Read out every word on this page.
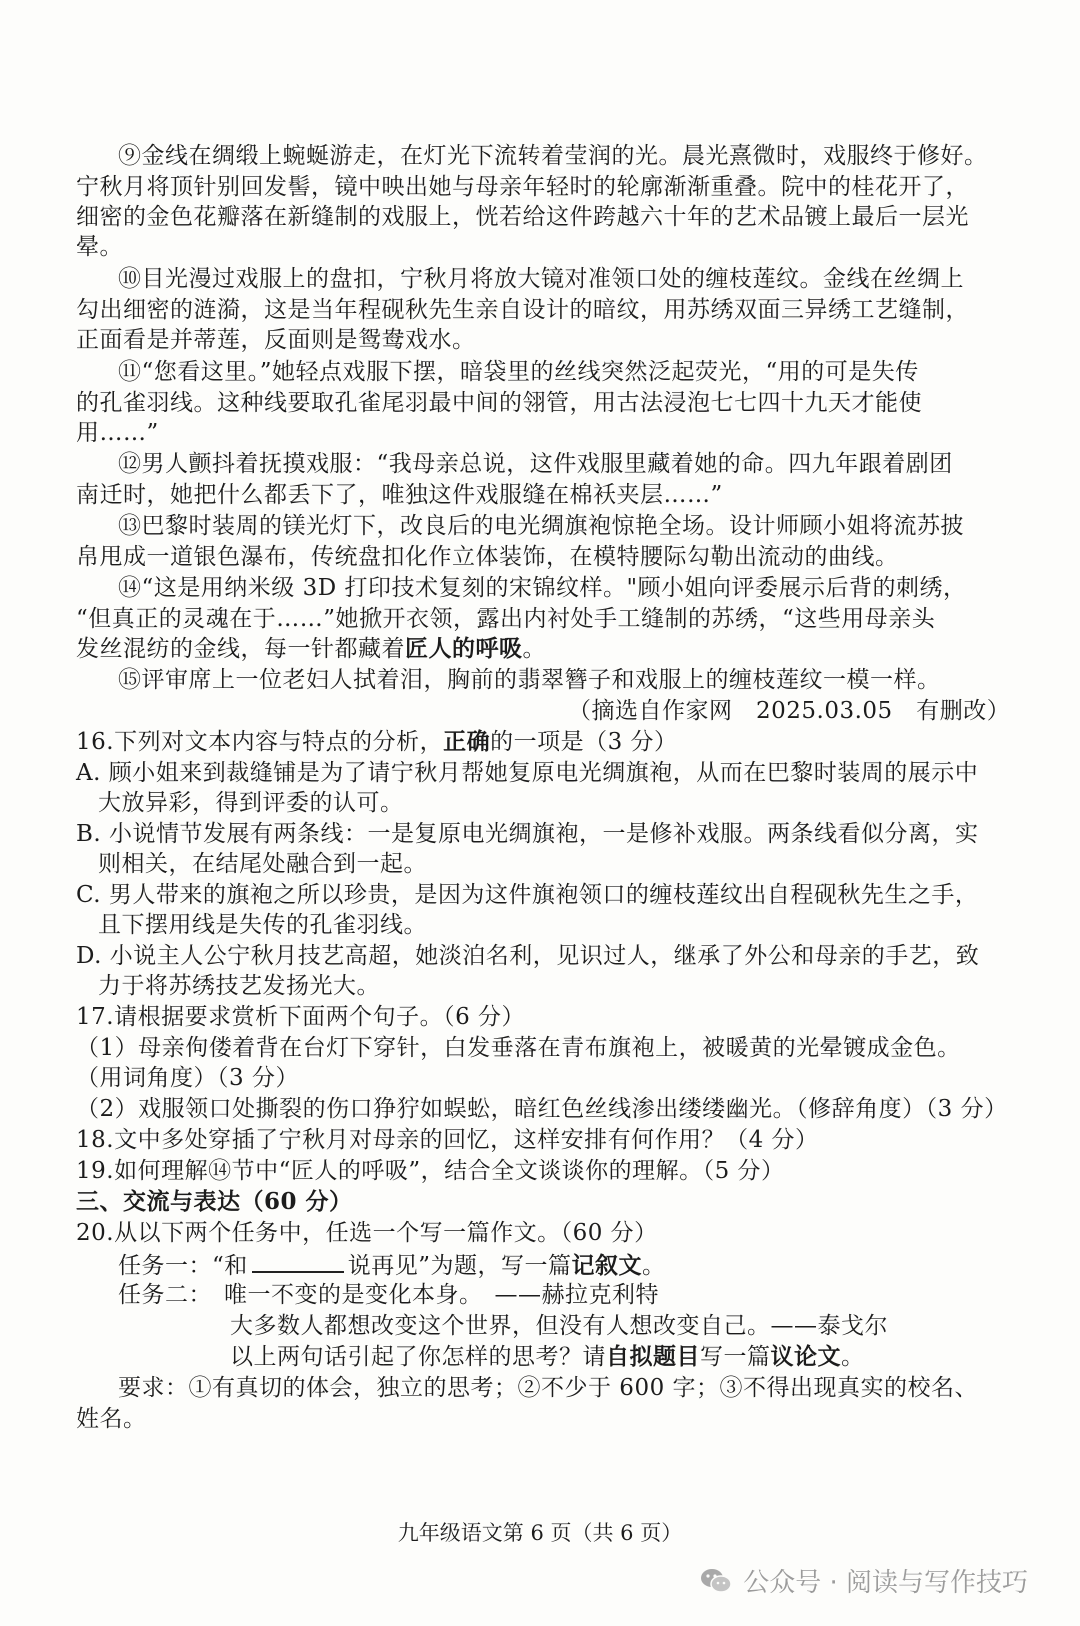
⑨金线在绸缎上蜿蜒游走，在灯光下流转着莹润的光。晨光熹微时，戏服终于修好。
宁秋月将顶针别回发髻，镜中映出她与母亲年轻时的轮廓渐渐重叠。院中的桂花开了，
细密的金色花瓣落在新缝制的戏服上，恍若给这件跨越六十年的艺术品镀上最后一层光
晕。
⑩目光漫过戏服上的盘扣，宁秋月将放大镜对准领口处的缠枝莲纹。金线在丝绸上
勾出细密的涟漪，这是当年程砚秋先生亲自设计的暗纹，用苏绣双面三异绣工艺缝制，
正面看是并蒂莲，反面则是鸳鸯戏水。
⑪“您看这里。”她轻点戏服下摆，暗袋里的丝线突然泛起荧光，“用的可是失传
的孔雀羽线。这种线要取孔雀尾羽最中间的翎管，用古法浸泡七七四十九天才能使
用……”
⑫男人颤抖着抚摸戏服：“我母亲总说，这件戏服里藏着她的命。四九年跟着剧团
南迁时，她把什么都丢下了，唯独这件戏服缝在棉袄夹层……”
⑬巴黎时装周的镁光灯下，改良后的电光绸旗袍惊艳全场。设计师顾小姐将流苏披
帛甩成一道银色瀑布，传统盘扣化作立体装饰，在模特腰际勾勒出流动的曲线。
⑭“这是用纳米级 3D 打印技术复刻的宋锦纹样。"顾小姐向评委展示后背的刺绣，
“但真正的灵魂在于……”她掀开衣领，露出内衬处手工缝制的苏绣，“这些用母亲头
发丝混纺的金线，每一针都藏着匠人的呼吸。
⑮评审席上一位老妇人拭着泪，胸前的翡翠簪子和戏服上的缠枝莲纹一模一样。
（摘选自作家网　2025.03.05　有删改）
16.下列对文本内容与特点的分析，正确的一项是（3 分）
A. 顾小姐来到裁缝铺是为了请宁秋月帮她复原电光绸旗袍，从而在巴黎时装周的展示中
大放异彩，得到评委的认可。
B. 小说情节发展有两条线：一是复原电光绸旗袍，一是修补戏服。两条线看似分离，实
则相关，在结尾处融合到一起。
C. 男人带来的旗袍之所以珍贵，是因为这件旗袍领口的缠枝莲纹出自程砚秋先生之手，
且下摆用线是失传的孔雀羽线。
D. 小说主人公宁秋月技艺高超，她淡泊名利，见识过人，继承了外公和母亲的手艺，致
力于将苏绣技艺发扬光大。
17.请根据要求赏析下面两个句子。（6 分）
（1）母亲佝偻着背在台灯下穿针，白发垂落在青布旗袍上，被暖黄的光晕镀成金色。
（用词角度）（3 分）
（2）戏服领口处撕裂的伤口狰狞如蜈蚣，暗红色丝线渗出缕缕幽光。（修辞角度）（3 分）
18.文中多处穿插了宁秋月对母亲的回忆，这样安排有何作用？（4 分）
19.如何理解⑭节中“匠人的呼吸”，结合全文谈谈你的理解。（5 分）
三、交流与表达（60 分）
20.从以下两个任务中，任选一个写一篇作文。（60 分）
任务一：“和	说再见”为题，写一篇记叙文。
任务二：　唯一不变的是变化本身。　——赫拉克利特
大多数人都想改变这个世界，但没有人想改变自己。——泰戈尔
以上两句话引起了你怎样的思考？请自拟题目写一篇议论文。
要求：①有真切的体会，独立的思考；②不少于 600 字；③不得出现真实的校名、
姓名。
九年级语文第 6 页（共 6 页）
公众号 · 阅读与写作技巧
